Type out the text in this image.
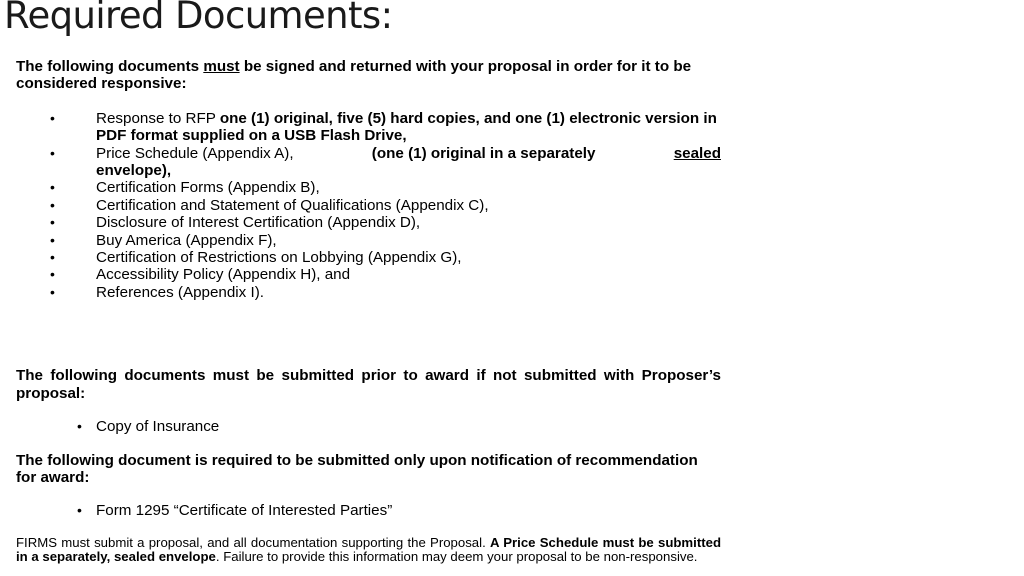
Required Documents:

The following documents must be signed and returned with your proposal in order for it to be considered responsive:

•	Response to RFP one (1) original, five (5) hard copies, and one (1) electronic version in PDF format supplied on a USB Flash Drive,
•	Price Schedule (Appendix A),	(one (1) original in a separately	sealed
envelope),
•	Certification Forms (Appendix B),
•	Certification and Statement of Qualifications (Appendix C),
•	Disclosure of Interest Certification (Appendix D),
•	Buy America (Appendix F),
•	Certification of Restrictions on Lobbying (Appendix G),
•	Accessibility Policy (Appendix H), and
•	References (Appendix I).

The following documents must be submitted prior to award if not submitted with Proposer’s proposal:

• Copy of Insurance

The following document is required to be submitted only upon notification of recommendation for award:

• Form 1295 “Certificate of Interested Parties”

FIRMS must submit a proposal, and all documentation supporting the Proposal. A Price Schedule must be submitted in a separately, sealed envelope. Failure to provide this information may deem your proposal to be non-responsive.
